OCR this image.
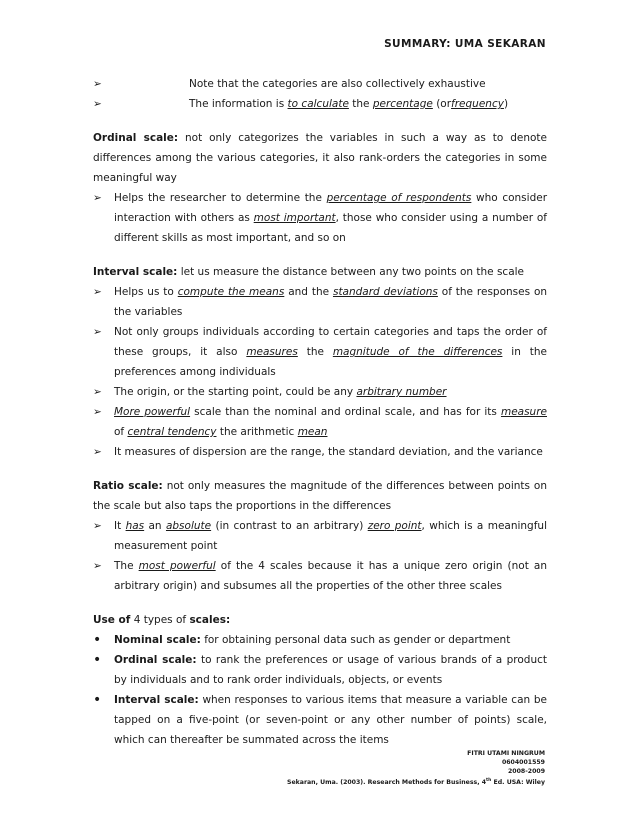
SUMMARY: UMA SEKARAN
➢	Note that the categories are also collectively exhaustive
➢	The information is to calculate the percentage (orfrequency)
Ordinal scale: not only categorizes the variables in such a way as to denote
differences among the various categories, it also rank-orders the categories in some
meaningful way
➢	Helps the researcher to determine the percentage of respondents who consider
interaction with others as most important, those who consider using a number of
different skills as most important, and so on
Interval scale: let us measure the distance between any two points on the scale
➢	Helps us to compute the means and the standard deviations of the responses on
the variables
➢	Not only groups individuals according to certain categories and taps the order of
these groups, it also measures the magnitude of the differences in the
preferences among individuals
➢	The origin, or the starting point, could be any arbitrary number
➢	More powerful scale than the nominal and ordinal scale, and has for its measure
of central tendency the arithmetic mean
➢	It measures of dispersion are the range, the standard deviation, and the variance
Ratio scale: not only measures the magnitude of the differences between points on
the scale but also taps the proportions in the differences
➢	It has an absolute (in contrast to an arbitrary) zero point, which is a meaningful
measurement point
➢	The most powerful of the 4 scales because it has a unique zero origin (not an
arbitrary origin) and subsumes all the properties of the other three scales
Use of 4 types of scales:
•	Nominal scale: for obtaining personal data such as gender or department
•	Ordinal scale: to rank the preferences or usage of various brands of a product
by individuals and to rank order individuals, objects, or events
•	Interval scale: when responses to various items that measure a variable can be
tapped on a five-point (or seven-point or any other number of points) scale,
which can thereafter be summated across the items
FITRI UTAMI NINGRUM
0604001559
2008-2009
Sekaran, Uma. (2003). Research Methods for Business, 4th Ed. USA: Wiley
